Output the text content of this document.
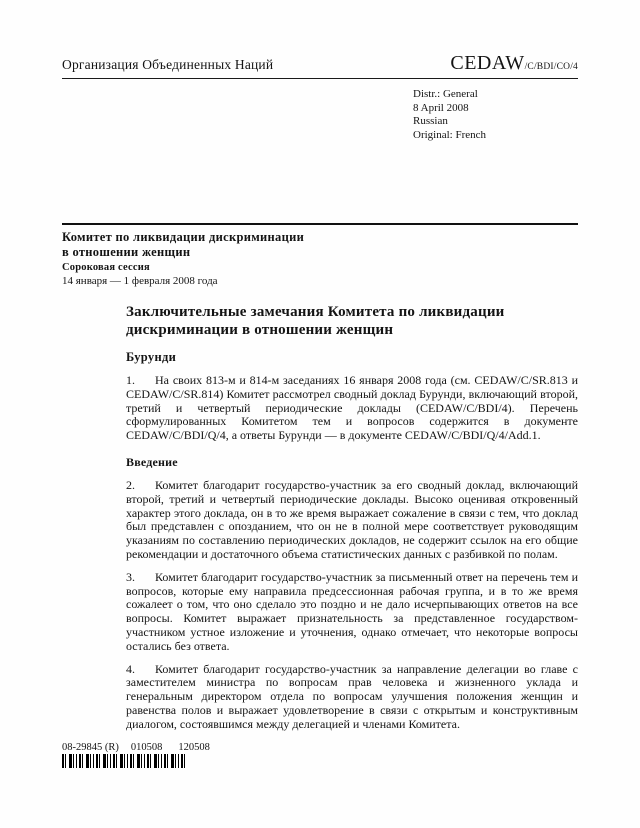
Организация Объединенных Наций	CEDAW/C/BDI/CO/4
Distr.: General
8 April 2008
Russian
Original: French
Комитет по ликвидации дискриминации
в отношении женщин
Сороковая сессия
14 января — 1 февраля 2008 года
Заключительные замечания Комитета по ликвидации дискриминации в отношении женщин
Бурунди

1. На своих 813-м и 814-м заседаниях 16 января 2008 года (см. CEDAW/C/SR.813 и CEDAW/C/SR.814) Комитет рассмотрел сводный доклад Бурунди, включающий второй, третий и четвертый периодические доклады (CEDAW/C/BDI/4). Перечень сформулированных Комитетом тем и вопросов содержится в документе CEDAW/C/BDI/Q/4, а ответы Бурунди — в документе CEDAW/C/BDI/Q/4/Add.1.

Введение

2. Комитет благодарит государство-участник за его сводный доклад, включающий второй, третий и четвертый периодические доклады. Высоко оценивая откровенный характер этого доклада, он в то же время выражает сожаление в связи с тем, что доклад был представлен с опозданием, что он не в полной мере соответствует руководящим указаниям по составлению периодических докладов, не содержит ссылок на его общие рекомендации и достаточного объема статистических данных с разбивкой по полам.

3. Комитет благодарит государство-участник за письменный ответ на перечень тем и вопросов, которые ему направила предсессионная рабочая группа, и в то же время сожалеет о том, что оно сделало это поздно и не дало исчерпывающих ответов на все вопросы. Комитет выражает признательность за представленное государством-участником устное изложение и уточнения, однако отмечает, что некоторые вопросы остались без ответа.

4. Комитет благодарит государство-участник за направление делегации во главе с заместителем министра по вопросам прав человека и жизненного уклада и генеральным директором отдела по вопросам улучшения положения женщин и равенства полов и выражает удовлетворение в связи с открытым и конструктивным диалогом, состоявшимся между делегацией и членами Комитета.

08-29845 (R) 010508 120508
